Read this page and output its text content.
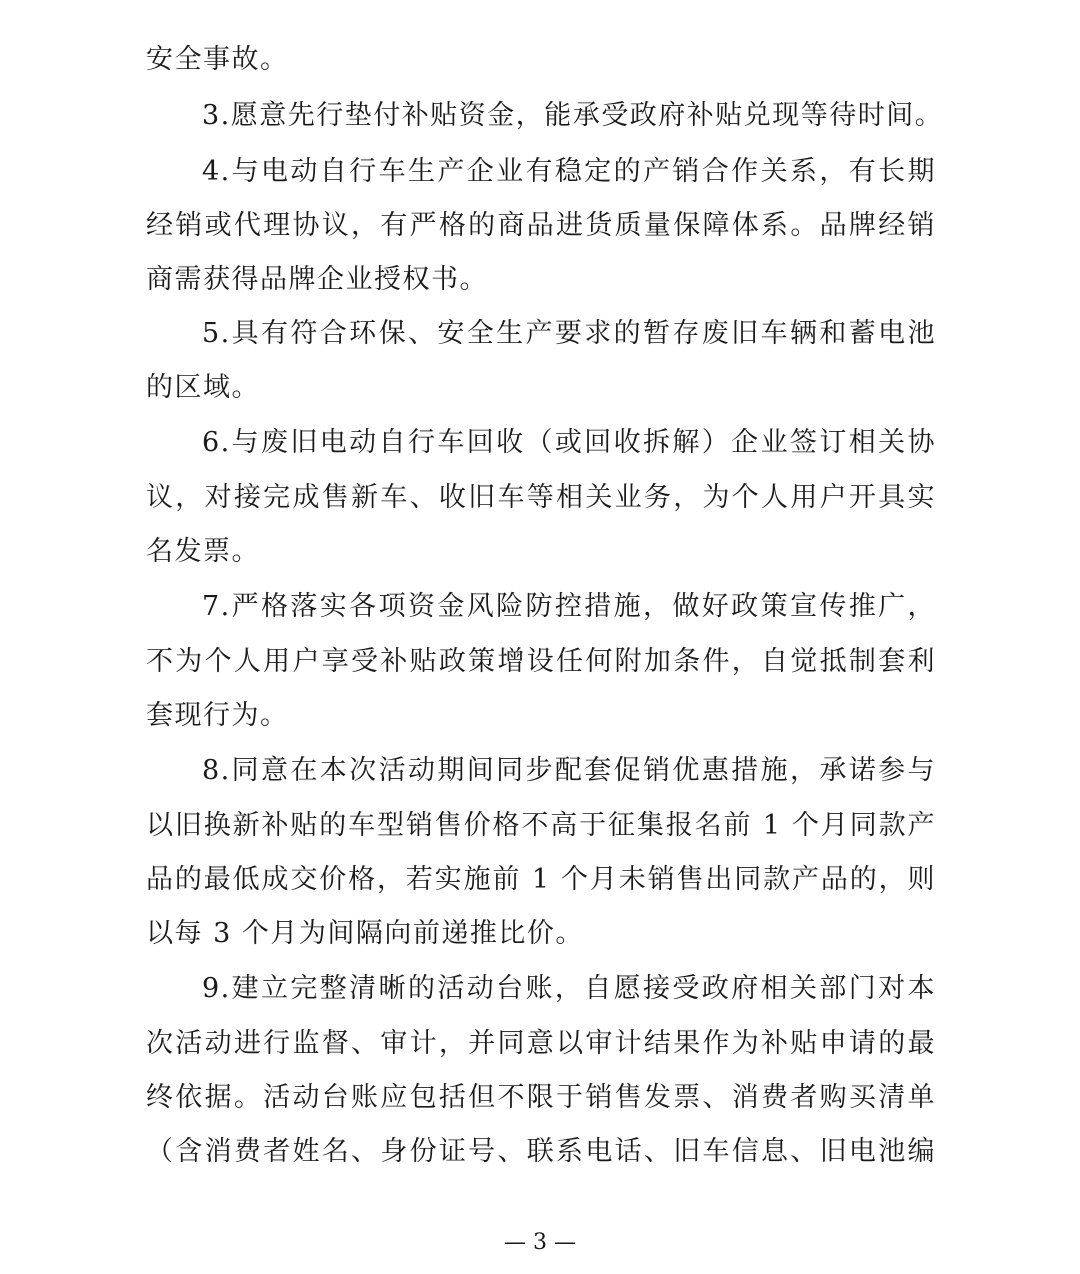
安全事故。
3.愿意先行垫付补贴资金，能承受政府补贴兑现等待时间。
4.与电动自行车生产企业有稳定的产销合作关系，有长期
经销或代理协议，有严格的商品进货质量保障体系。品牌经销
商需获得品牌企业授权书。
5.具有符合环保、安全生产要求的暂存废旧车辆和蓄电池
的区域。
6.与废旧电动自行车回收（或回收拆解）企业签订相关协
议，对接完成售新车、收旧车等相关业务，为个人用户开具实
名发票。
7.严格落实各项资金风险防控措施，做好政策宣传推广，
不为个人用户享受补贴政策增设任何附加条件，自觉抵制套利
套现行为。
8.同意在本次活动期间同步配套促销优惠措施，承诺参与
以旧换新补贴的车型销售价格不高于征集报名前 1 个月同款产
品的最低成交价格，若实施前 1 个月未销售出同款产品的，则
以每 3 个月为间隔向前递推比价。
9.建立完整清晰的活动台账，自愿接受政府相关部门对本
次活动进行监督、审计，并同意以审计结果作为补贴申请的最
终依据。活动台账应包括但不限于销售发票、消费者购买清单
（含消费者姓名、身份证号、联系电话、旧车信息、旧电池编
— 3 —
